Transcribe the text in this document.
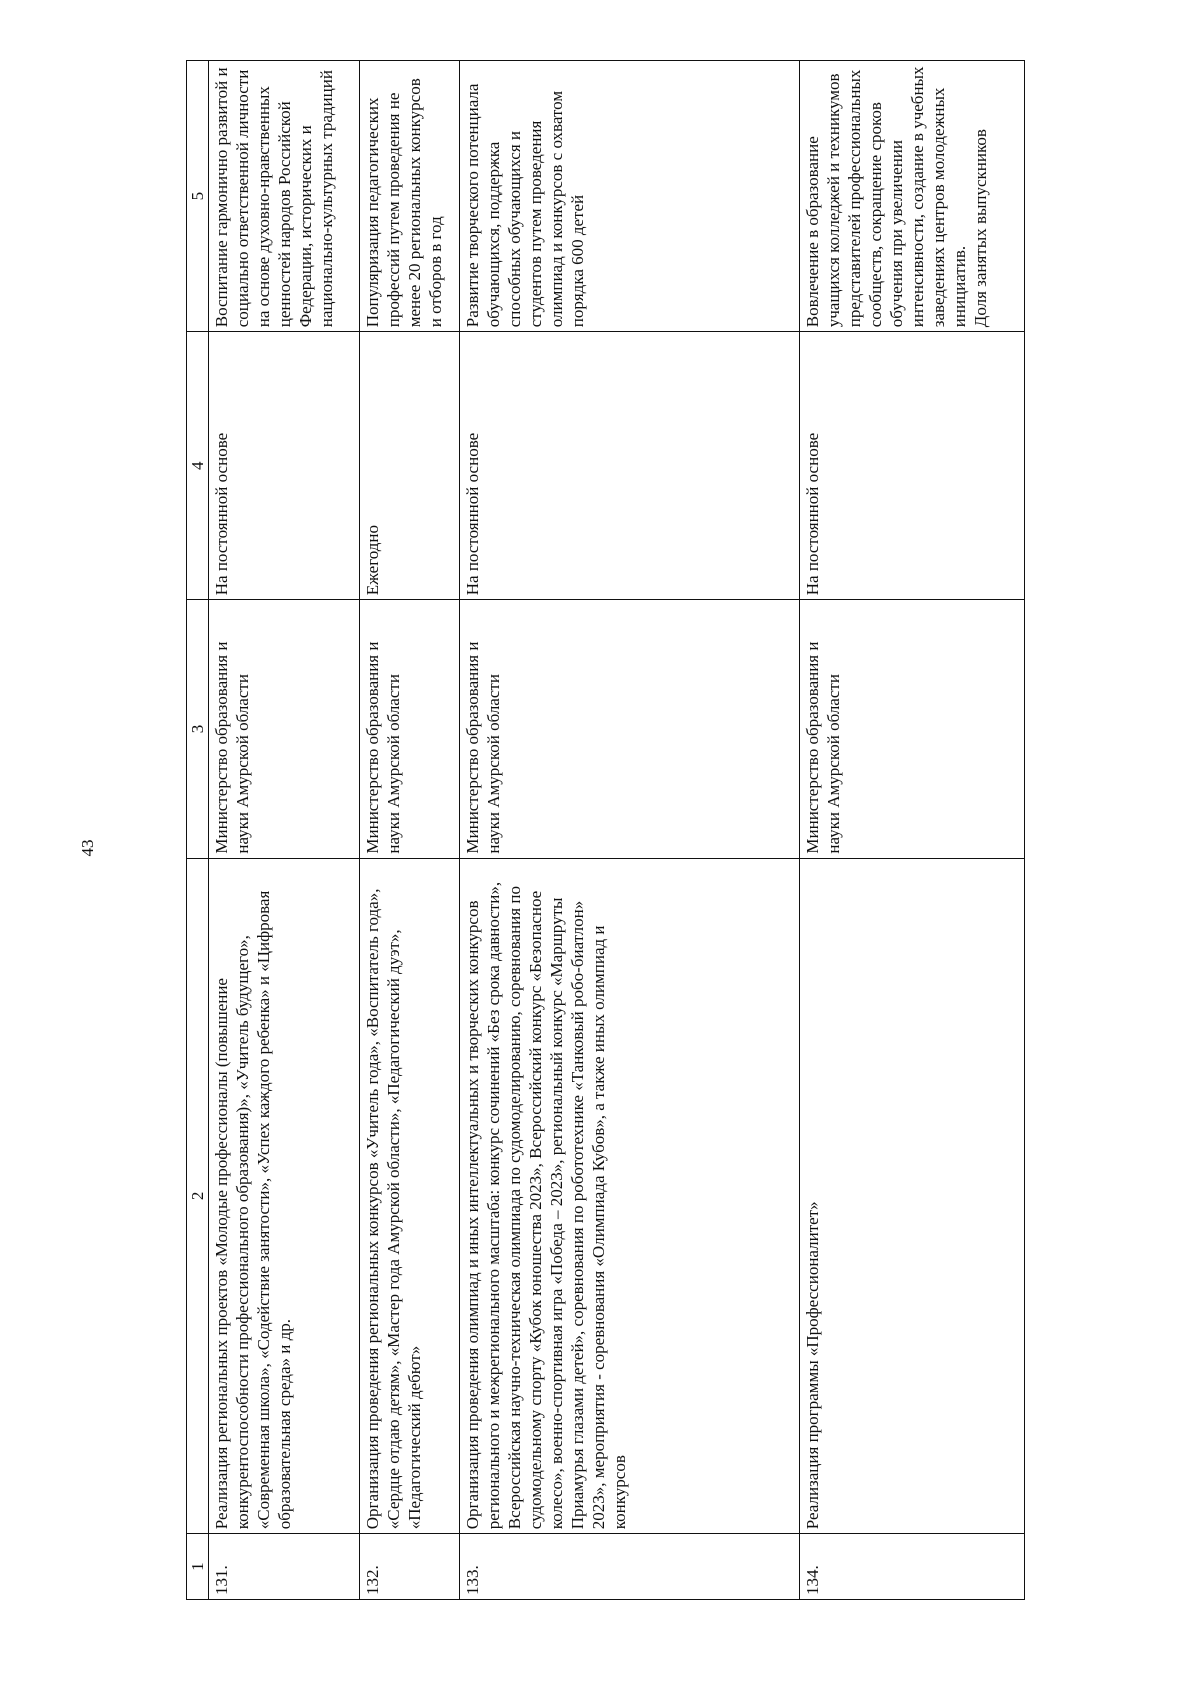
43
1	2	3	4	5
131.	Реализация региональных проектов «Молодые профессионалы (повышение конкурентоспособности профессионального образования)», «Учитель будущего», «Современная школа», «Содействие занятости», «Успех каждого ребенка» и «Цифровая образовательная среда» и др.	Министерство образования и науки Амурской области	На постоянной основе	Воспитание гармонично развитой и социально ответственной личности на основе духовно-нравственных ценностей народов Российской Федерации, исторических и национально-культурных традиций
132.	Организация проведения региональных конкурсов «Учитель года», «Воспитатель года», «Сердце отдаю детям», «Мастер года Амурской области», «Педагогический дуэт», «Педагогический дебют»	Министерство образования и науки Амурской области	Ежегодно	Популяризация педагогических профессий путем проведения не менее 20 региональных конкурсов и отборов в год
133.	Организация проведения олимпиад и иных интеллектуальных и творческих конкурсов регионального и межрегионального масштаба: конкурс сочинений «Без срока давности», Всероссийская научно-техническая олимпиада по судомоделированию, соревнования по судомодельному спорту «Кубок юношества 2023», Всероссийский конкурс «Безопасное колесо», военно-спортивная игра «Победа – 2023», региональный конкурс «Маршруты Приамурья глазами детей», соревнования по робототехнике «Танковый робо-биатлон» 2023», мероприятия - соревнования «Олимпиада Кубов», а также иных олимпиад и конкурсов	Министерство образования и науки Амурской области	На постоянной основе	Развитие творческого потенциала обучающихся, поддержка способных обучающихся и студентов путем проведения олимпиад и конкурсов с охватом порядка 600 детей
134.	Реализация программы «Профессионалитет»	Министерство образования и науки Амурской области	На постоянной основе	Вовлечение в образование учащихся колледжей и техникумов представителей профессиональных сообществ, сокращение сроков обучения при увеличении интенсивности, создание в учебных заведениях центров молодежных инициатив. Доля занятых выпускников
